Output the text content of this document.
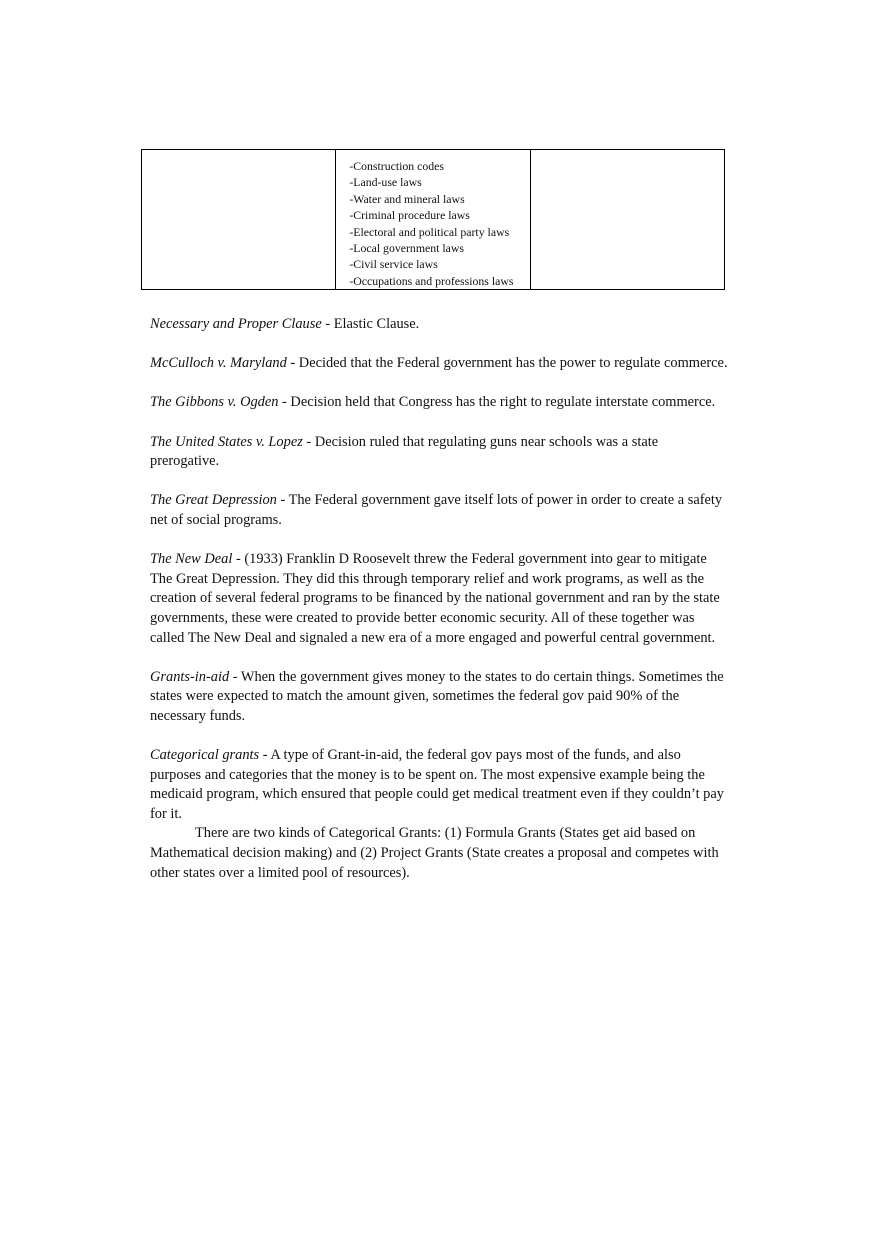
-Construction codes
-Land-use laws
-Water and mineral laws
-Criminal procedure laws
-Electoral and political party laws
-Local government laws
-Civil service laws
-Occupations and professions laws

Necessary and Proper Clause - Elastic Clause.

McCulloch v. Maryland - Decided that the Federal government has the power to regulate commerce.

The Gibbons v. Ogden - Decision held that Congress has the right to regulate interstate commerce.

The United States v. Lopez - Decision ruled that regulating guns near schools was a state prerogative.

The Great Depression - The Federal government gave itself lots of power in order to create a safety net of social programs.

The New Deal - (1933) Franklin D Roosevelt threw the Federal government into gear to mitigate The Great Depression. They did this through temporary relief and work programs, as well as the creation of several federal programs to be financed by the national government and ran by the state governments, these were created to provide better economic security. All of these together was called The New Deal and signaled a new era of a more engaged and powerful central government.

Grants-in-aid - When the government gives money to the states to do certain things. Sometimes the states were expected to match the amount given, sometimes the federal gov paid 90% of the necessary funds.

Categorical grants - A type of Grant-in-aid, the federal gov pays most of the funds, and also purposes and categories that the money is to be spent on. The most expensive example being the medicaid program, which ensured that people could get medical treatment even if they couldn’t pay for it.
There are two kinds of Categorical Grants: (1) Formula Grants (States get aid based on Mathematical decision making) and (2) Project Grants (State creates a proposal and competes with other states over a limited pool of resources).
